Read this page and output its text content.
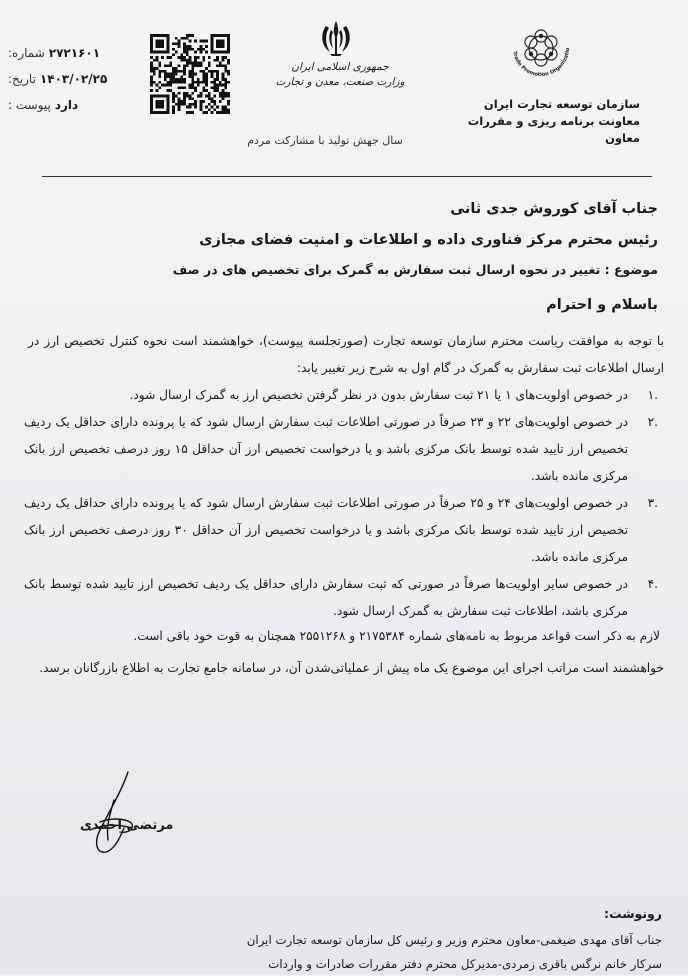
Trade Promotion Organizatio
سازمان توسعه تجارت ایران
معاونت برنامه ریزی و مقررات
معاون
جمهوری اسلامی ایران
وزارت صنعت، معدن و تجارت
سال جهش تولید با مشارکت مردم
شماره: ۲۷۲۱۶۰۱
تاریخ: ۱۴۰۳/۰۲/۲۵
پیوست : دارد
جناب آقای کوروش جدی ثانی
رئیس محترم مرکز فناوری داده و اطلاعات و امنیت فضای مجازی
موضوع : تغییر در نحوه ارسال ثبت سفارش به گمرک برای تخصیص های در صف
باسلام و احترام
با توجه به موافقت ریاست محترم سازمان توسعه تجارت (صورتجلسه پیوست)، خواهشمند است نحوه کنترل تخصیص ارز در ارسال اطلاعات ثبت سفارش به گمرک در گام اول به شرح زیر تغییر یابد:
.۱
در خصوص اولویت‌های ۱ یا ۲۱ ثبت سفارش بدون در نظر گرفتن تخصیص ارز به گمرک ارسال شود.
.۲
در خصوص اولویت‌های ۲۲ و ۲۳ صرفاً در صورتی اطلاعات ثبت سفارش ارسال شود که یا پرونده دارای حداقل یک ردیف تخصیص ارز تایید شده توسط بانک مرکزی باشد و یا درخواست تخصیص ارز آن حداقل ۱۵ روز درصف تخصیص ارز بانک مرکزی مانده باشد.
.۳
در خصوص اولویت‌های ۲۴ و ۲۵ صرفاً در صورتی اطلاعات ثبت سفارش ارسال شود که یا پرونده دارای حداقل یک ردیف تخصیص ارز تایید شده توسط بانک مرکزی باشد و یا درخواست تخصیص ارز آن حداقل ۳۰ روز درصف تخصیص ارز بانک مرکزی مانده باشد.
.۴
در خصوص سایر اولویت‌ها صرفاً در صورتی که ثبت سفارش دارای حداقل یک ردیف تخصیص ارز تایید شده توسط بانک مرکزی باشد، اطلاعات ثبت سفارش به گمرک ارسال شود.
لازم به ذکر است قواعد مربوط به نامه‌های شماره ۲۱۷۵۳۸۴ و ۲۵۵۱۲۶۸ همچنان به قوت خود باقی است.
خواهشمند است مراتب اجرای این موضوع یک ماه پیش از عملیاتی‌شدن آن، در سامانه جامع تجارت به اطلاع بازرگانان برسد.
مرتضی احمدی
رونوشت:
جناب آقای مهدی ضیغمی-معاون محترم وزیر و رئیس کل سازمان توسعه تجارت ایران
سرکار خانم نرگس باقری زمردی-مدیرکل محترم دفتر مقررات صادرات و واردات
